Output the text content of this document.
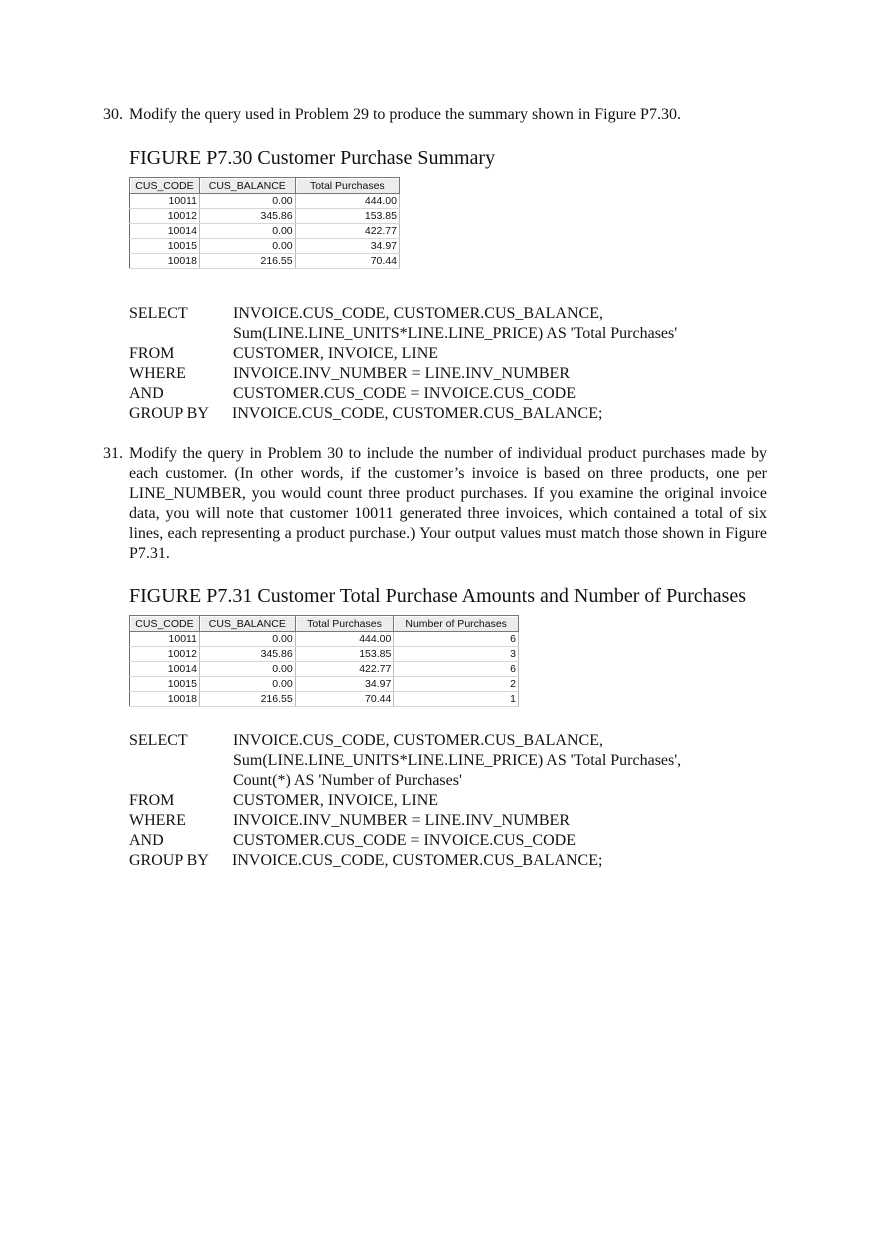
30. Modify the query used in Problem 29 to produce the summary shown in Figure P7.30.
FIGURE P7.30 Customer Purchase Summary
CUS_CODE	CUS_BALANCE	Total Purchases
10011	0.00	444.00
10012	345.86	153.85
10014	0.00	422.77
10015	0.00	34.97
10018	216.55	70.44
SELECT	INVOICE.CUS_CODE, CUSTOMER.CUS_BALANCE,
Sum(LINE.LINE_UNITS*LINE.LINE_PRICE) AS 'Total Purchases'
FROM	CUSTOMER, INVOICE, LINE
WHERE	INVOICE.INV_NUMBER = LINE.INV_NUMBER
AND	CUSTOMER.CUS_CODE = INVOICE.CUS_CODE
GROUP BY INVOICE.CUS_CODE, CUSTOMER.CUS_BALANCE;
31. Modify the query in Problem 30 to include the number of individual product purchases made by each customer. (In other words, if the customer’s invoice is based on three products, one per LINE_NUMBER, you would count three product purchases. If you examine the original invoice data, you will note that customer 10011 generated three invoices, which contained a total of six lines, each representing a product purchase.) Your output values must match those shown in Figure P7.31.
FIGURE P7.31 Customer Total Purchase Amounts and Number of Purchases
CUS_CODE	CUS_BALANCE	Total Purchases	Number of Purchases
10011	0.00	444.00	6
10012	345.86	153.85	3
10014	0.00	422.77	6
10015	0.00	34.97	2
10018	216.55	70.44	1
SELECT	INVOICE.CUS_CODE, CUSTOMER.CUS_BALANCE,
Sum(LINE.LINE_UNITS*LINE.LINE_PRICE) AS 'Total Purchases',
Count(*) AS 'Number of Purchases'
FROM	CUSTOMER, INVOICE, LINE
WHERE	INVOICE.INV_NUMBER = LINE.INV_NUMBER
AND	CUSTOMER.CUS_CODE = INVOICE.CUS_CODE
GROUP BY INVOICE.CUS_CODE, CUSTOMER.CUS_BALANCE;
